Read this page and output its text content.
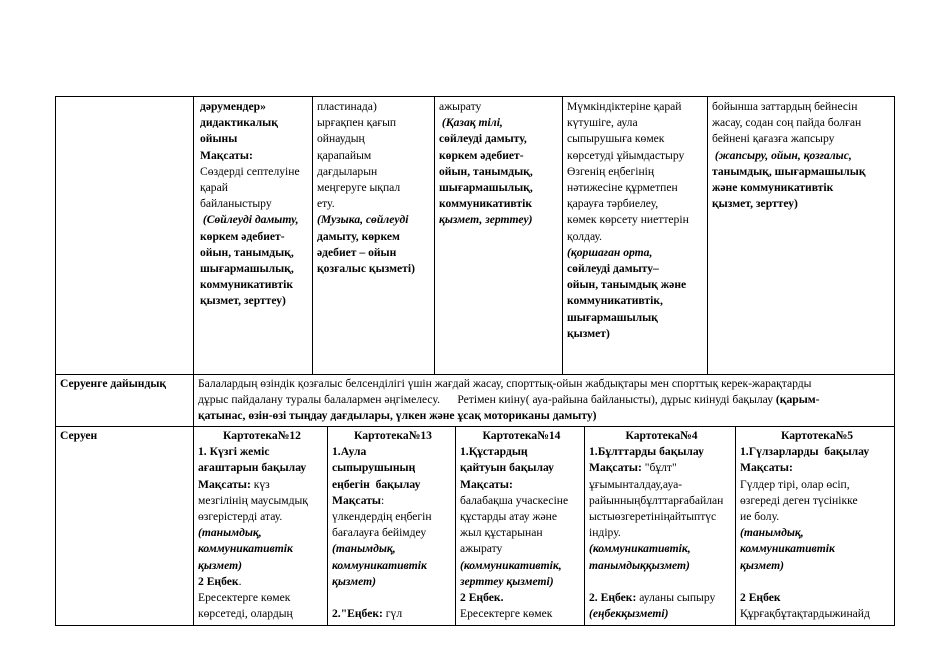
дәрумендер»
дидактикалық
ойыны
Мақсаты:
Сөздерді септелуіне
қарай
байланыстыру
(Сөйлеуді дамыту,
көркем әдебиет-
ойын, танымдық,
шығармашылық,
коммуникативтік
қызмет, зерттеу)
пластинада)
ырғақпен қағып
ойнаудың
қарапайым
дағдыларын
меңгеруге ықпал
ету.
(Музыка, сөйлеуді
дамыту, көркем
әдебиет – ойын
қозғалыс қызметі)
ажырату
(Қазақ тілі,
сөйлеуді дамыту,
көркем әдебиет-
ойын, танымдық,
шығармашылық,
коммуникативтік
қызмет, зерттеу)
Мүмкіндіктеріне қарай
күтушіге, аула
сыпырушыға көмек
көрсетуді ұйымдастыру
Өзгенің еңбегінің
нәтижесіне құрметпен
қарауға тәрбиелеу,
көмек көрсету ниеттерін
қолдау.
(қоршаған орта,
сөйлеуді дамыту–
ойын, танымдық және
коммуникативтік,
шығармашылық
қызмет)
бойынша заттардың бейнесін
жасау, содан соң пайда болған
бейнені қағазға жапсыру
(жапсыру, ойын, қозғалыс,
танымдық, шығармашылық
және коммуникативтік
қызмет, зерттеу)
Серуенге дайындық	Балалардың өзіндік қозғалыс белсенділігі үшін жағдай жасау, спорттық-ойын жабдықтары мен спорттық керек-жарақтарды
дұрыс пайдалану туралы балалармен әңгімелесу.      Ретімен киіну( ауа-райына байланысты), дұрыс киінуді бақылау (қарым-
қатынас, өзін-өзі тыңдау дағдылары, үлкен және ұсақ моториканы дамыту)
Серуен	Картотека№12
1. Күзгі жеміс
ағаштарын бақылау
Мақсаты: күз
мезгілінің маусымдық
өзгерістерді атау.
(танымдық,
коммуникативтік
қызмет)
2 Еңбек.
Ересектерге көмек
көрсетеді, олардың
Картотека№13
1.Аула
сыпырушының
еңбегін  бақылау
Мақсаты:
үлкендердің еңбегін
бағалауға бейімдеу
(танымдық,
коммуникативтік
қызмет)
2."Еңбек: гүл
Картотека№14
1.Құстардың
қайтуын бақылау
Мақсаты:
балабақша учаскесіне
құстарды атау және
жыл құстарынан
ажырату
(коммуникативтік,
зерттеу қызметі)
2 Еңбек.
Ересектерге көмек
Картотека№4
1.Бұлттарды бақылау
Мақсаты: "бұлт"
ұғымынталдау,ауа-
райынныңбұлттарғабайлан
ыстыөзгеретініңайтыптүс
індіру.
(коммуникативтік,
танымдыққызмет)
2. Еңбек: ауланы сыпыру
(еңбекқызметі)
Картотека№5
1.Гүлзарларды  бақылау
Мақсаты:
Гүлдер тірі, олар өсіп,
өзгереді деген түсінікке
ие болу.
(танымдық,
коммуникативтік
қызмет)
2 Еңбек
Құрғақбұтақтардыжинайд
